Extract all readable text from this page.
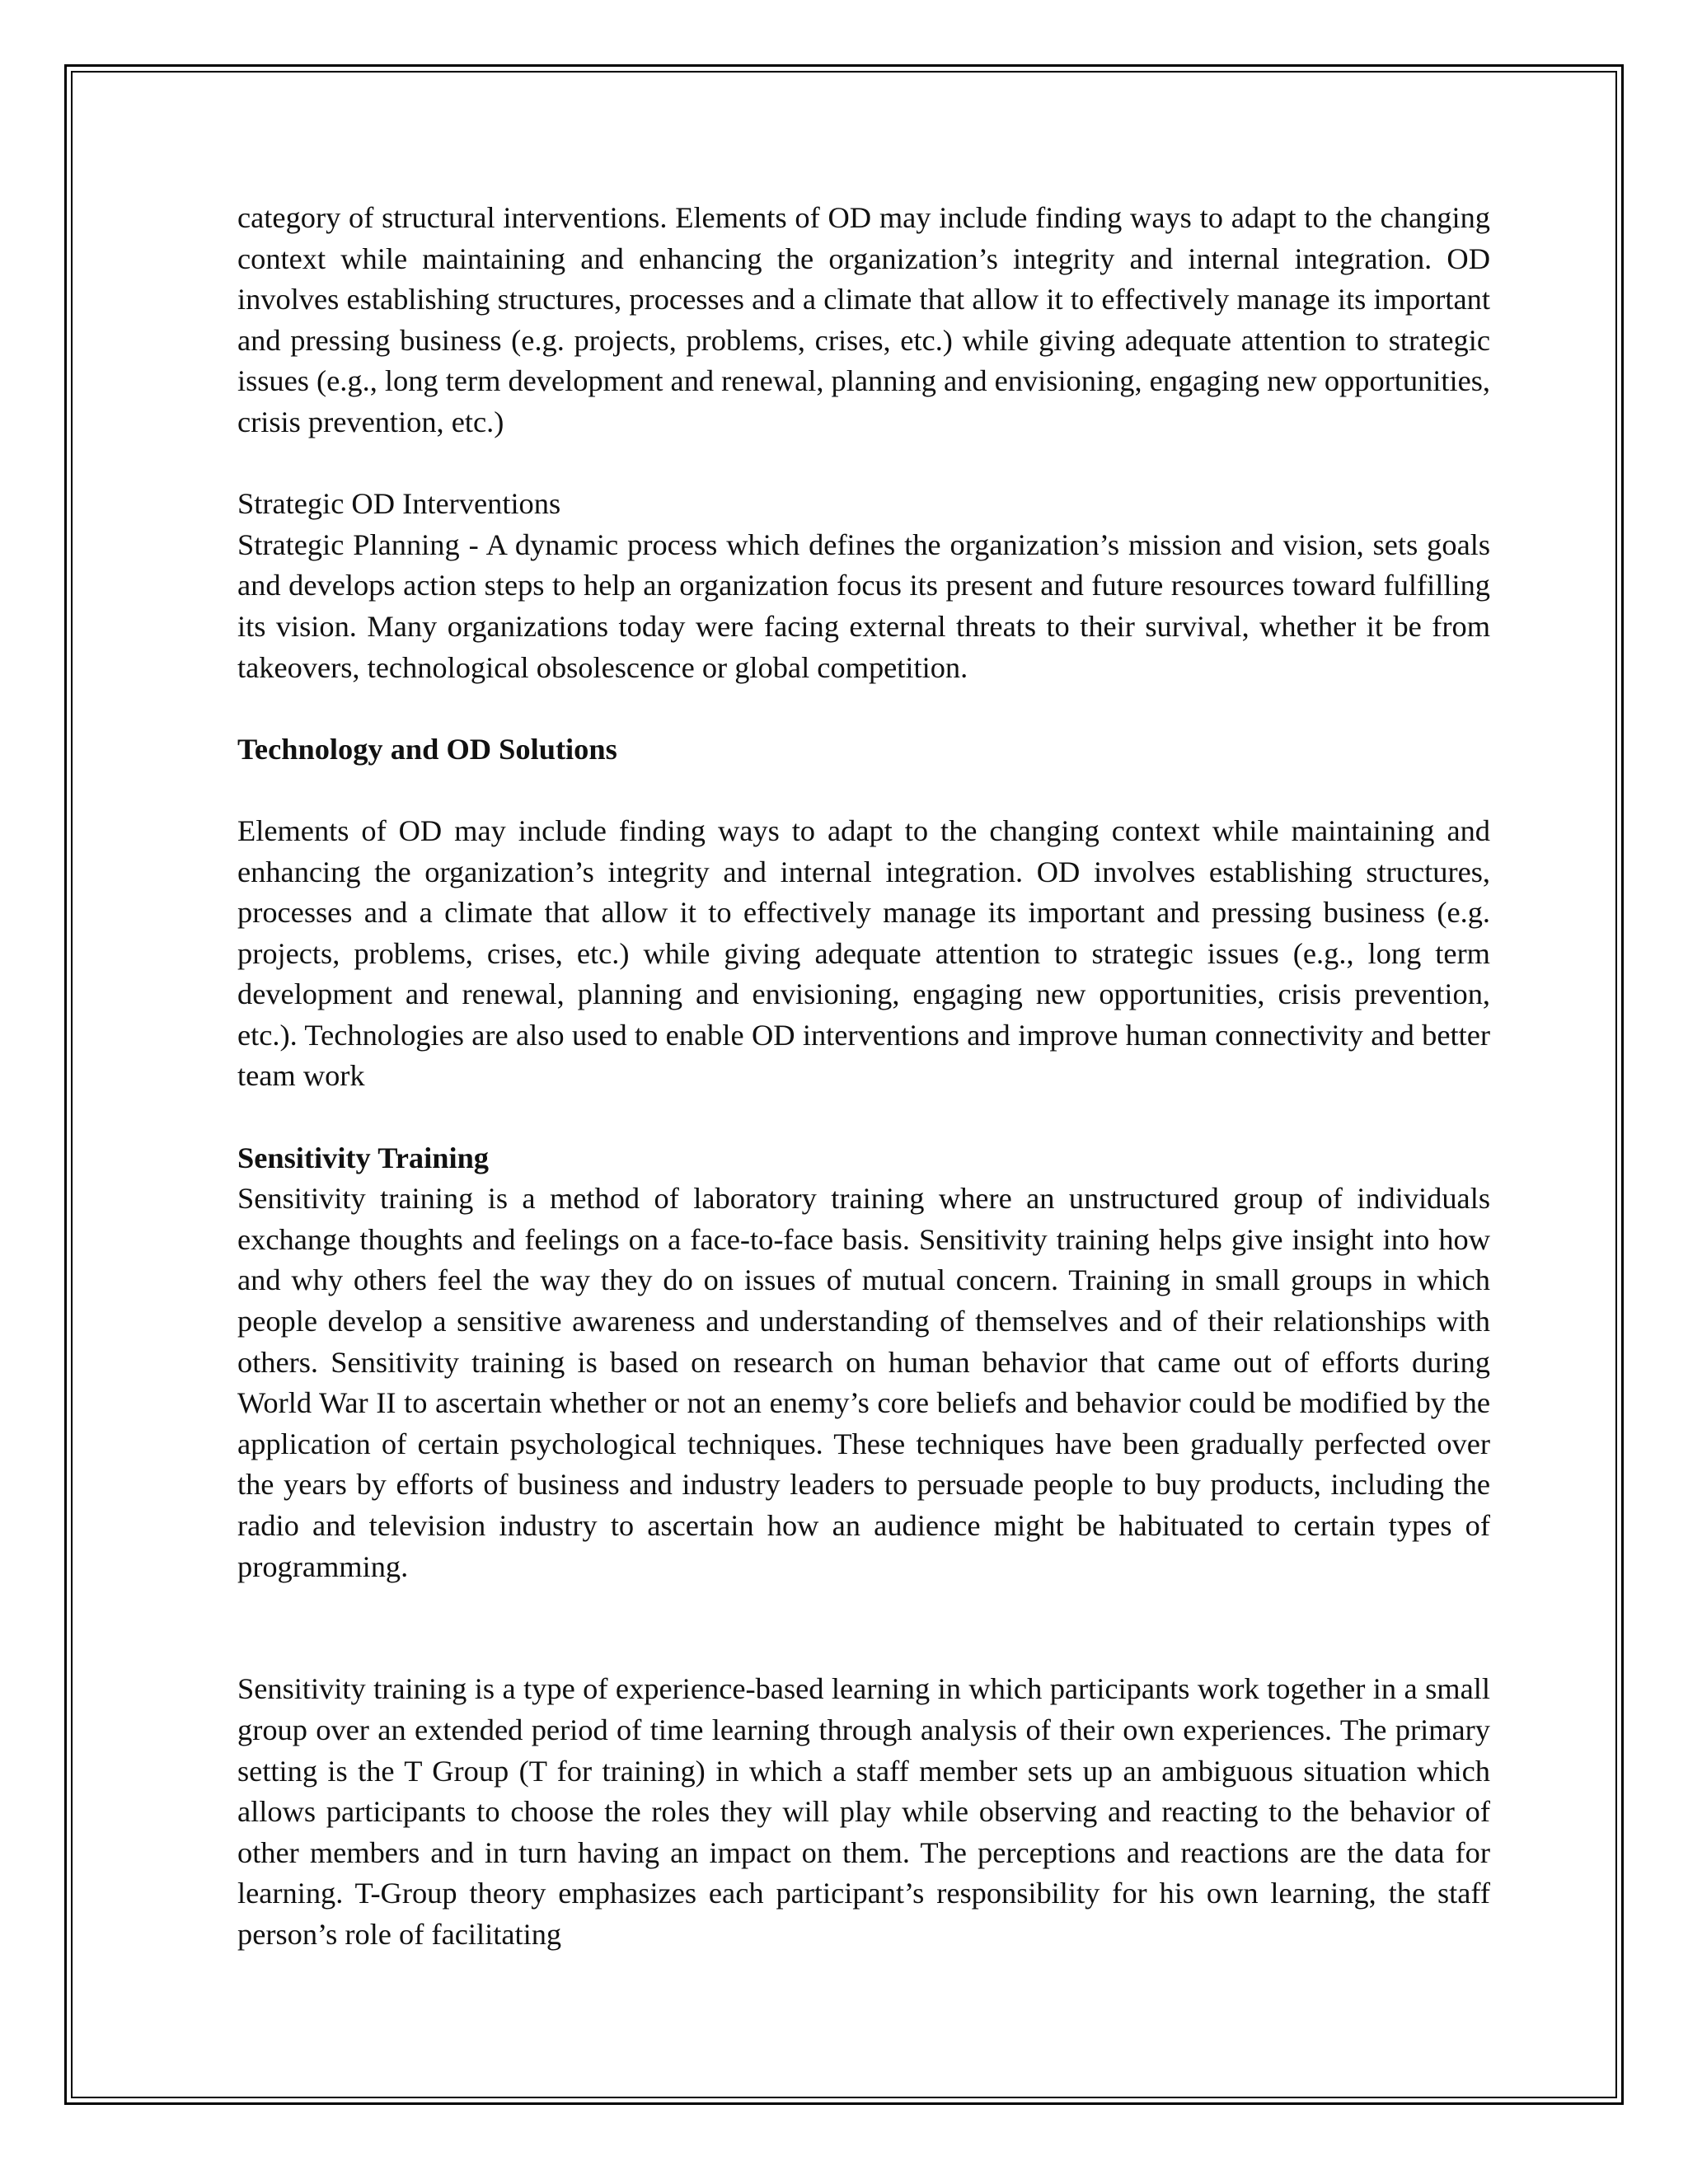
category of structural interventions. Elements of OD may include finding ways to adapt to the changing context while maintaining and enhancing the organization’s integrity and internal integration. OD involves establishing structures, processes and a climate that allow it to effectively manage its important and pressing business (e.g. projects, problems, crises, etc.) while giving adequate attention to strategic issues (e.g., long term development and renewal, planning and envisioning, engaging new opportunities, crisis prevention, etc.)

Strategic OD Interventions

Strategic Planning - A dynamic process which defines the organization’s mission and vision, sets goals and develops action steps to help an organization focus its present and future resources toward fulfilling its vision. Many organizations today were facing external threats to their survival, whether it be from takeovers, technological obsolescence or global competition.

Technology and OD Solutions

Elements of OD may include finding ways to adapt to the changing context while maintaining and enhancing the organization’s integrity and internal integration. OD involves establishing structures, processes and a climate that allow it to effectively manage its important and pressing business (e.g. projects, problems, crises, etc.) while giving adequate attention to strategic issues (e.g., long term development and renewal, planning and envisioning, engaging new opportunities, crisis prevention, etc.). Technologies are also used to enable OD interventions and improve human connectivity and better team work

Sensitivity Training

Sensitivity training is a method of laboratory training where an unstructured group of individuals exchange thoughts and feelings on a face-to-face basis. Sensitivity training helps give insight into how and why others feel the way they do on issues of mutual concern. Training in small groups in which people develop a sensitive awareness and understanding of themselves and of their relationships with others. Sensitivity training is based on research on human behavior that came out of efforts during World War II to ascertain whether or not an enemy’s core beliefs and behavior could be modified by the application of certain psychological techniques. These techniques have been gradually perfected over the years by efforts of business and industry leaders to persuade people to buy products, including the radio and television industry to ascertain how an audience might be habituated to certain types of programming.

Sensitivity training is a type of experience-based learning in which participants work together in a small group over an extended period of time learning through analysis of their own experiences. The primary setting is the T Group (T for training) in which a staff member sets up an ambiguous situation which allows participants to choose the roles they will play while observing and reacting to the behavior of other members and in turn having an impact on them. The perceptions and reactions are the data for learning. T-Group theory emphasizes each participant’s responsibility for his own learning, the staff person’s role of facilitating
